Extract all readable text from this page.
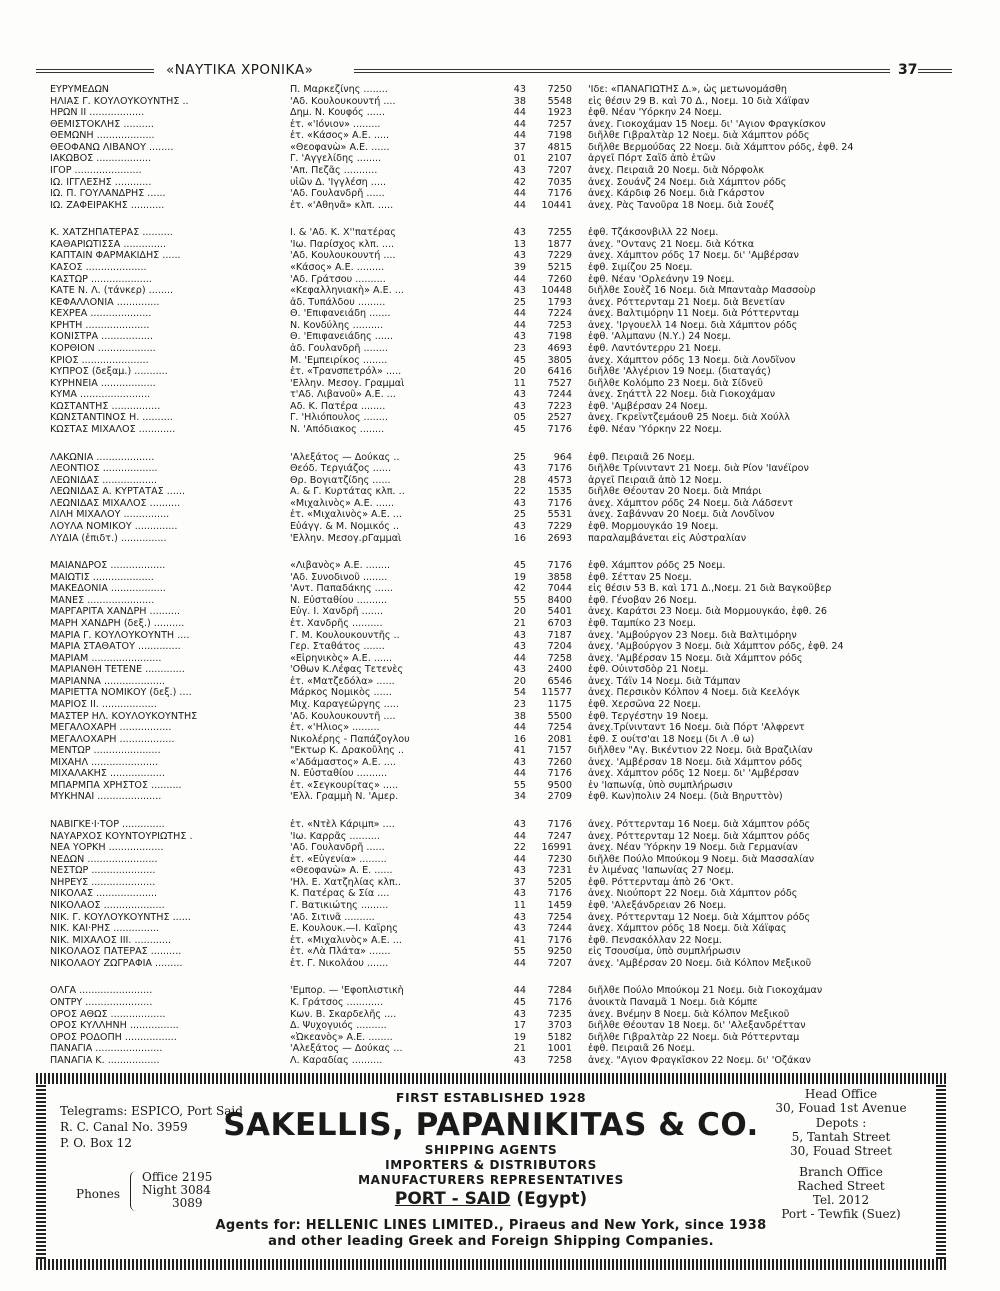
«ΝΑΥΤΙΚΑ ΧΡΟΝΙΚΑ»	37
ΕΥΡΥΜΕΔΩΝ	Π. Μαρκεζίνης ........	43	7250 'Ιδε: «ΠΑΝΑΓΙΩΤΗΣ Δ.», ὡς μετωνομάσθη
ΗΛΙΑΣ Γ. ΚΟΥΛΟΥΚΟΥΝΤΗΣ ..	'Αδ. Κουλουκουντή ....	38	5548 εἰς θέσιν 29 Β. καὶ 70 Δ., Νοεμ. 10 διὰ Χάϊφαν
ΗΡΩΝ ΙΙ ..................	Δημ. Ν. Κουφός ......	44	1923 ἐφθ. Νέαν 'Υόρκην 24 Νοεμ.
ΘΕΜΙΣΤΟΚΛΗΣ ..........	ἐτ. «'Ιόνιον» .........	44	7257 ἀνεχ. Γιοκοχάμαν 15 Νοεμ. δι' 'Αγιον Φραγκίσκον
ΘΕΜΩΝΗ ...................	ἐτ. «Κάσος» Α.Ε. .....	44	7198 διῆλθε Γιβραλτὰρ 12 Νοεμ. διὰ Χάμπτον ρόδς
ΘΕΟΦΑΝΩ ΛΙΒΑΝΟΥ ........	«Θεοφανὼ» Α.Ε. ......	37	4815 διῆλθε Βερμούδας 22 Νοεμ. διὰ Χάμπτον ρόδς, ἐφθ. 24
ΙΑΚΩΒΟΣ ..................	Γ. 'Αγγελίδης ........	01	2107 ἀργεῖ Πόρτ Σαΐδ ἀπὸ ἐτῶν
ΙΓΟΡ ......................	'Απ. Πεζᾶς ...........	43	7207 ἀνεχ. Πειραιᾶ 20 Νοεμ. διὰ Νόρφολκ
ΙΩ. ΙΓΓΛΕΣΗΣ ............	υἱῶν Δ. 'Ιγγλέση .....	42	7035 ἀνεχ. Σουάνζ 24 Νοεμ. διὰ Χάμπτον ρόδς
ΙΩ. Π. ΓΟΥΛΑΝΔΡΗΣ ......	'Αδ. Γουλανδρῆ ......	44	7176 ἀνεχ. Κάρδιφ 26 Νοεμ. διὰ Γκάρστον
ΙΩ. ΖΑΦΕΙΡΑΚΗΣ ...........	ἐτ. «'Αθηνᾶ» κλπ. .....	44	10441 ἀνεχ. Ρὰς Τανοῦρα 18 Νοεμ. διὰ Σουέζ
Κ. ΧΑΤΖΗΠΑΤΕΡΑΣ ..........	Ι. & 'Αδ. Κ. Χ''πατέρας	43	7255 ἐφθ. Τζάκσονβιλλ 22 Νοεμ.
ΚΑΘΑΡΙΩΤΙΣΣΑ ..............	'Ιω. Παρίσχος κλπ. ....	13	1877 ἀνεχ. "Οντανς 21 Νοεμ. διὰ Κότκα
ΚΑΠΤΑΙΝ ΦΑΡΜΑΚΙΔΗΣ ......	'Αδ. Κουλουκουντή ....	43	7229 ἀνεχ. Χάμπτον ρόδς 17 Νοεμ. δι' 'Αμβέρσαν
ΚΑΣΟΣ ....................	«Κάσος» Α.Ε. .........	39	5215 ἐφθ. Σιμίζου 25 Νοεμ.
ΚΑΣΤΩΡ ....................	'Αδ. Γράτσου ..........	44	7260 ἐφθ. Νέαν 'Ορλεάνην 19 Νοεμ.
ΚΑΤΕ Ν. Λ. (τάνκερ) ........	«Κεφαλληνιακὴ» Α.Ε. ...	43	10448 διῆλθε Σουὲζ 16 Νοεμ. διὰ Μπανταὰρ Μασσοὺρ
ΚΕΦΑΛΛΟΝΙΑ ..............	ἀδ. Τυπάλδου .........	25	1793 ἀνεχ. Ρόττερνταμ 21 Νοεμ. διὰ Βενετίαν
ΚΕΧΡΕΑ ....................	Θ. 'Επιφανειάδη .......	44	7224 ἀνεχ. Βαλτιμόρην 11 Νοεμ. διὰ Ρόττερνταμ
ΚΡΗΤΗ .....................	Ν. Κονδύλης ..........	44	7253 ἀνεχ. 'Ιργουελλ 14 Νοεμ. διὰ Χάμπτον ρόδς
ΚΟΝΙΣΤΡΑ .................	Θ. 'Επιφανειάδης ......	43	7198 ἐφθ. 'Αλμπανυ (Ν.Υ.) 24 Νοεμ.
ΚΟΡΘΙΟΝ ...................	ἀδ. Γουλανδρῆ ........	23	4693 ἐφθ. Λαντόντερρυ 21 Νοεμ.
ΚΡΙΟΣ ......................	Μ. 'Εμπειρίκος ........	45	3805 ἀνεχ. Χάμπτον ρόδς 13 Νοεμ. διὰ Λονδῖνον
ΚΥΠΡΟΣ (δεξαμ.) ...........	ἐτ. «Τρανσπετρόλ» .....	20	6416 διῆλθε 'Αλγέριον 19 Νοεμ. (διαταγάς)
ΚΥΡΗΝΕΙΑ ..................	'Ελλην. Μεσογ. Γραμμαὶ	11	7527 διῆλθε Κολόμπο 23 Νοεμ. διὰ Σίδνεϋ
ΚΥΜΑ .......................	τ'Αδ. Λιβανοῦ» Α.Ε. ...	43	7244 ἀνεχ. Σηάττλ 22 Νοεμ. διὰ Γιοκοχάμαν
ΚΩΣΤΑΝΤΗΣ ................	Αδ. Κ. Πατέρα ........	43	7223 ἐφθ. 'Αμβέρσαν 24 Νοεμ.
ΚΩΝΣΤΑΝΤΙΝΟΣ Η. ..........	Γ. 'Ηλιόπουλος ........	05	2527 ἀνεχ. Γκρεϊντζεμάουθ 25 Νοεμ. διὰ Χούλλ
ΚΩΣΤΑΣ ΜΙΧΑΛΟΣ ............	Ν. 'Απόδιακος ........	45	7176 ἐφθ. Νέαν 'Υόρκην 22 Νοεμ.
ΛΑΚΩΝΙΑ ...................	'Αλεξάτος — Δούκας ..	25	964 ἐφθ. Πειραιᾶ 26 Νοεμ.
ΛΕΟΝΤΙΟΣ ..................	Θεόδ. Τεργιάζος ......	43	7176 διῆλθε Τρίνινταντ 21 Νοεμ. διὰ Ρίον 'Ιανέϊρον
ΛΕΩΝΙΔΑΣ ..................	Θρ. Βογιατζίδης ......	28	4573 ἀργεῖ Πειραιᾶ ἀπὸ 12 Νοεμ.
ΛΕΩΝΙΔΑΣ Α. ΚΥΡΤΑΤΑΣ ......	Α. & Γ. Κυρτάτας κλπ. ..	22	1535 διῆλθε Θέουταν 20 Νοεμ. διὰ Μπάρι
ΛΕΩΝΙΔΑΣ ΜΙΧΑΛΟΣ ..........	«Μιχαλινὸς» Α.Ε. ......	43	7176 ἀνεχ. Χάμπτον ρόδς 24 Νοεμ. διὰ Λάδσεντ
ΛΙΛΗ ΜΙΧΑΛΟΥ ...............	ἐτ. «Μιχαλινὸς» Α.Ε. ...	25	5531 ἀνεχ. Σαβάνναν 20 Νοεμ. διὰ Λονδῖνον
ΛΟΥΛΑ ΝΟΜΙΚΟΥ ..............	Εὐάγγ. & Μ. Νομικός ..	43	7229 ἐφθ. Μορμουγκάο 19 Νοεμ.
ΛΥΔΙΑ (ἐπιδτ.) ...............	'Ελλην. Μεσογ.ρΓαμμαὶ	16	2693 παραλαμβάνεται εἰς Αὐστραλίαν
ΜΑΙΑΝΔΡΟΣ ..................	«Λιβανὸς» Α.Ε. ........	45	7176 ἐφθ. Χάμπτον ρόδς 25 Νοεμ.
ΜΑΙΩΤΙΣ ....................	'Αδ. Συνοδινοῦ ........	19	3858 ἐφθ. Σέτταν 25 Νοεμ.
ΜΑΚΕΔΟΝΙΑ ..................	'Αντ. Παπαδάκης ......	42	7044 εἰς θέσιν 53 Β. καὶ 171 Δ.,Νοεμ. 21 διὰ Βαγκοῦβερ
ΜΑΝΕΣ ......................	Ν. Εὐσταθίου ..........	55	8400 ἐφθ. Γένοβαν 26 Νοεμ.
ΜΑΡΓΑΡΙΤΑ ΧΑΝΔΡΗ ..........	Εὐγ. Ι. Χανδρῆ .......	20	5401 ἀνεχ. Καράτσι 23 Νοεμ. διὰ Μορμουγκάο, ἐφθ. 26
ΜΑΡΗ ΧΑΝΔΡΗ (δεξ.) ..........	ἐτ. Χανδρῆς ..........	21	6703 ἐφθ. Ταμπίκο 23 Νοεμ.
ΜΑΡΙΑ Γ. ΚΟΥΛΟΥΚΟΥΝΤΗ ....	Γ. Μ. Κουλουκουντῆς ..	43	7187 ἀνεχ. 'Αμβούργον 23 Νοεμ. διὰ Βαλτιμόρην
ΜΑΡΙΑ ΣΤΑΘΑΤΟΥ ..............	Γερ. Σταθάτος .......	43	7204 ἀνεχ. 'Αμβούργον 3 Νοεμ. διὰ Χάμπτον ρόδς, ἐφθ. 24
ΜΑΡΙΑΜ .......................	«Εἰρηνικὸς» Α.Ε. ......	44	7258 ἀνεχ. 'Αμβέρσαν 15 Νοεμ. διὰ Χάμπτον ρόδς
ΜΑΡΙΑΝΘΗ ΤΕΤΕΝΕ .............	'Οθων Κ.Λέφας Τετενὲς	43	2400 ἐφθ. Οὐιντσδὸρ 21 Νοεμ.
ΜΑΡΙΑΝΝΑ ....................	ἐτ. «Ματζεδόλα» ......	20	6546 ἀνεχ. Τάϊν 14 Νοεμ. διὰ Τάμπαν
ΜΑΡΙΕΤΤΑ ΝΟΜΙΚΟΥ (δεξ.) ....	Μάρκος Νομικὸς ......	54	11577 ἀνεχ. Περσικὸν Κόλπον 4 Νοεμ. διὰ Κεελόγκ
ΜΑΡΙΟΣ ΙΙ. ..................	Μιχ. Καραγεώργης .....	23	1175 ἐφθ. Χερσῶνα 22 Νοεμ.
ΜΑΣΤΕΡ ΗΛ. ΚΟΥΛΟΥΚΟΥΝΤΗΣ	'Αδ. Κουλουκουντῆ ....	38	5500 ἐφθ. Τεργέστην 19 Νοεμ.
ΜΕΓΑΛΟΧΑΡΗ .................	ἐτ. «'Ηλιος» .........	44	7254 ἀνεχ.Τρίνινταντ 16 Νοεμ. διὰ Πόρτ 'Αλφρεντ
ΜΕΓΑΛΟΧΑΡΗ ..................	Νικολέρης - Παπάζογλου	16	2081 ἐφθ. Σ ουίτσ'αι 18 Νοεμ (δι Λ .θ ω)
ΜΕΝΤΩΡ ......................	"Εκτωρ Κ. Δρακοῦλης ..	41	7157 διῆλθεν "Αγ. Βικέντιον 22 Νοεμ. διὰ Βραζιλίαν
ΜΙΧΑΗΛ ......................	«'Αδάμαστος» Α.Ε. ....	43	7260 ἀνεχ. 'Αμβέρσαν 18 Νοεμ. διὰ Χάμπτον ρόδς
ΜΙΧΑΛΑΚΗΣ ..................	Ν. Εὐσταθίου ..........	44	7176 ἀνεχ. Χάμπτον ρόδς 12 Νοεμ. δι' 'Αμβέρσαν
ΜΠΑΡΜΠΑ ΧΡΗΣΤΟΣ ..........	ἐτ. «Σεγκουρίτας» .....	55	9500 ἐν 'Ιαπωνίᾳ, ὑπὸ συμπλήρωσιν
ΜΥΚΗΝΑΙ .....................	'Ελλ. Γραμμὴ Ν. 'Αμερ.	34	2709 ἐφθ. Κων)πολιν 24 Νοεμ. (διὰ Βηρυττὸν)
ΝΑΒΙΓΚΕ·Ι·ΤΟΡ ..............	ἐτ. «Ντὲλ Κάριμπ» ....	43	7176 ἀνεχ. Ρόττερνταμ 16 Νοεμ. διὰ Χάμπτον ρόδς
ΝΑΥΑΡΧΟΣ ΚΟΥΝΤΟΥΡΙΩΤΗΣ .	'Ιω. Καρρᾶς ..........	44	7247 ἀνεχ. Ρόττερνταμ 12 Νοεμ. διὰ Χάμπτον ρόδς
ΝΕΑ ΥΟΡΚΗ ..................	'Αδ. Γουλανδρῆ ......	22	16991 ἀνεχ. Νέαν 'Υόρκην 19 Νοεμ. διὰ Γερμανίαν
ΝΕΔΩΝ .......................	ἐτ. «Εὐγενία» .........	44	7230 διῆλθε Πούλο Μπούκομ 9 Νοεμ. διὰ Μασσαλίαν
ΝΕΣΤΩΡ .....................	«Θεοφανὼ» Α. Ε. ......	43	7231 ἐν λιμένας 'Ιαπωνίας 27 Νοεμ.
ΝΗΡΕΥΣ .....................	'Ηλ. Ε. Χατζηλίας κλπ..	37	5205 ἐφθ. Ρόττερνταμ ἀπὸ 26 'Οκτ.
ΝΙΚΟΛΑΣ ....................	Κ. Πατέρας & Σία ....	43	7176 ἀνεχ. Νιούπορτ 22 Νοεμ. διὰ Χάμπτον ρόδς
ΝΙΚΟΛΑΟΣ ....................	Γ. Βατικιώτης .........	11	1459 ἐφθ. 'Αλεξάνδρειαν 26 Νοεμ.
ΝΙΚ. Γ. ΚΟΥΛΟΥΚΟΥΝΤΗΣ ......	'Αδ. Σιτινᾶ ..........	43	7254 ἀνεχ. Ρόττερνταμ 12 Νοεμ. διὰ Χάμπτον ρόδς
ΝΙΚ. ΚΑΙ·ΡΗΣ ...............	Ε. Κουλουκ.—Ι. Καΐρης	43	7244 ἀνεχ. Χάμπτον ρόδς 18 Νοεμ. διὰ Χάϊφας
ΝΙΚ. ΜΙΧΑΛΟΣ ΙΙΙ. ............	ἐτ. «Μιχαλινὸς» Α.Ε. ...	41	7176 ἐφθ. Πενσακόλλαν 22 Νοεμ.
ΝΙΚΟΛΑΟΣ ΠΑΤΕΡΑΣ ..........	ἐτ. «Λὰ Πλάτα» .......	55	9250 εἰς Τσουσίμα, ὑπὸ συμπλήρωσιν
ΝΙΚΟΛΑΟΥ ΖΩΓΡΑΦΙΑ .........	ἐτ. Γ. Νικολάου .......	44	7207 ἀνεχ. 'Αμβέρσαν 20 Νοεμ. διὰ Κόλπον Μεξικοῦ
ΟΛΓΑ ........................	'Εμπορ. — 'Εφοπλιστικὴ	44	7284 διῆλθε Πούλο Μπούκομ 21 Νοεμ. διὰ Γιοκοχάμαν
ΟΝΤΡΥ ......................	Κ. Γράτσος ............	45	7176 ἀνοικτὰ Παναμᾶ 1 Νοεμ. διὰ Κόμπε
ΟΡΟΣ ΑΘΩΣ ..................	Κων. Β. Σκαρδελῆς ....	43	7235 ἀνεχ. Βνέμην 8 Νοεμ. διὰ Κόλπον Μεξικοῦ
ΟΡΟΣ ΚΥΛΛΗΝΗ ................	Δ. Ψυχογυιός ..........	17	3703 διῆλθε Θέουταν 18 Νοεμ. δι' 'Αλεξανδρέτταν
ΟΡΟΣ ΡΟΔΟΠΗ .................	«Ὠκεανὸς» Α.Ε. ........	19	5182 διῆλθε Γιβραλτὰρ 22 Νοεμ. διὰ Ρόττερνταμ
ΠΑΝΑΓΙΑ ......................	'Αλεξάτος — Δούκας ...	21	1001 ἐφθ. Πειραιᾶ 26 Νοεμ.
ΠΑΝΑΓΙΑ Κ. .................	Λ. Καραδίας ..........	43	7258 ἀνεχ. "Αγιον Φραγκῖσκον 22 Νοεμ. δι' 'Οζάκαν
FIRST ESTABLISHED 1928
SAKELLIS, PAPANIKITAS & CO.
SHIPPING AGENTS
IMPORTERS & DISTRIBUTORS
MANUFACTURERS REPRESENTATIVES
PORT - SAID (Egypt)
Agents for: HELLENIC LINES LIMITED., Piraeus and New York, since 1938
and other leading Greek and Foreign Shipping Companies.
Telegrams: ESPICO, Port Said
R. C. Canal No. 3959
P. O. Box 12
Phones
Office 2195
Night 3084
3089
Head Office
30, Fouad 1st Avenue
Depots :
5, Tantah Street
30, Fouad Street
Branch Office
Rached Street
Tel. 2012
Port - Tewfik (Suez)
